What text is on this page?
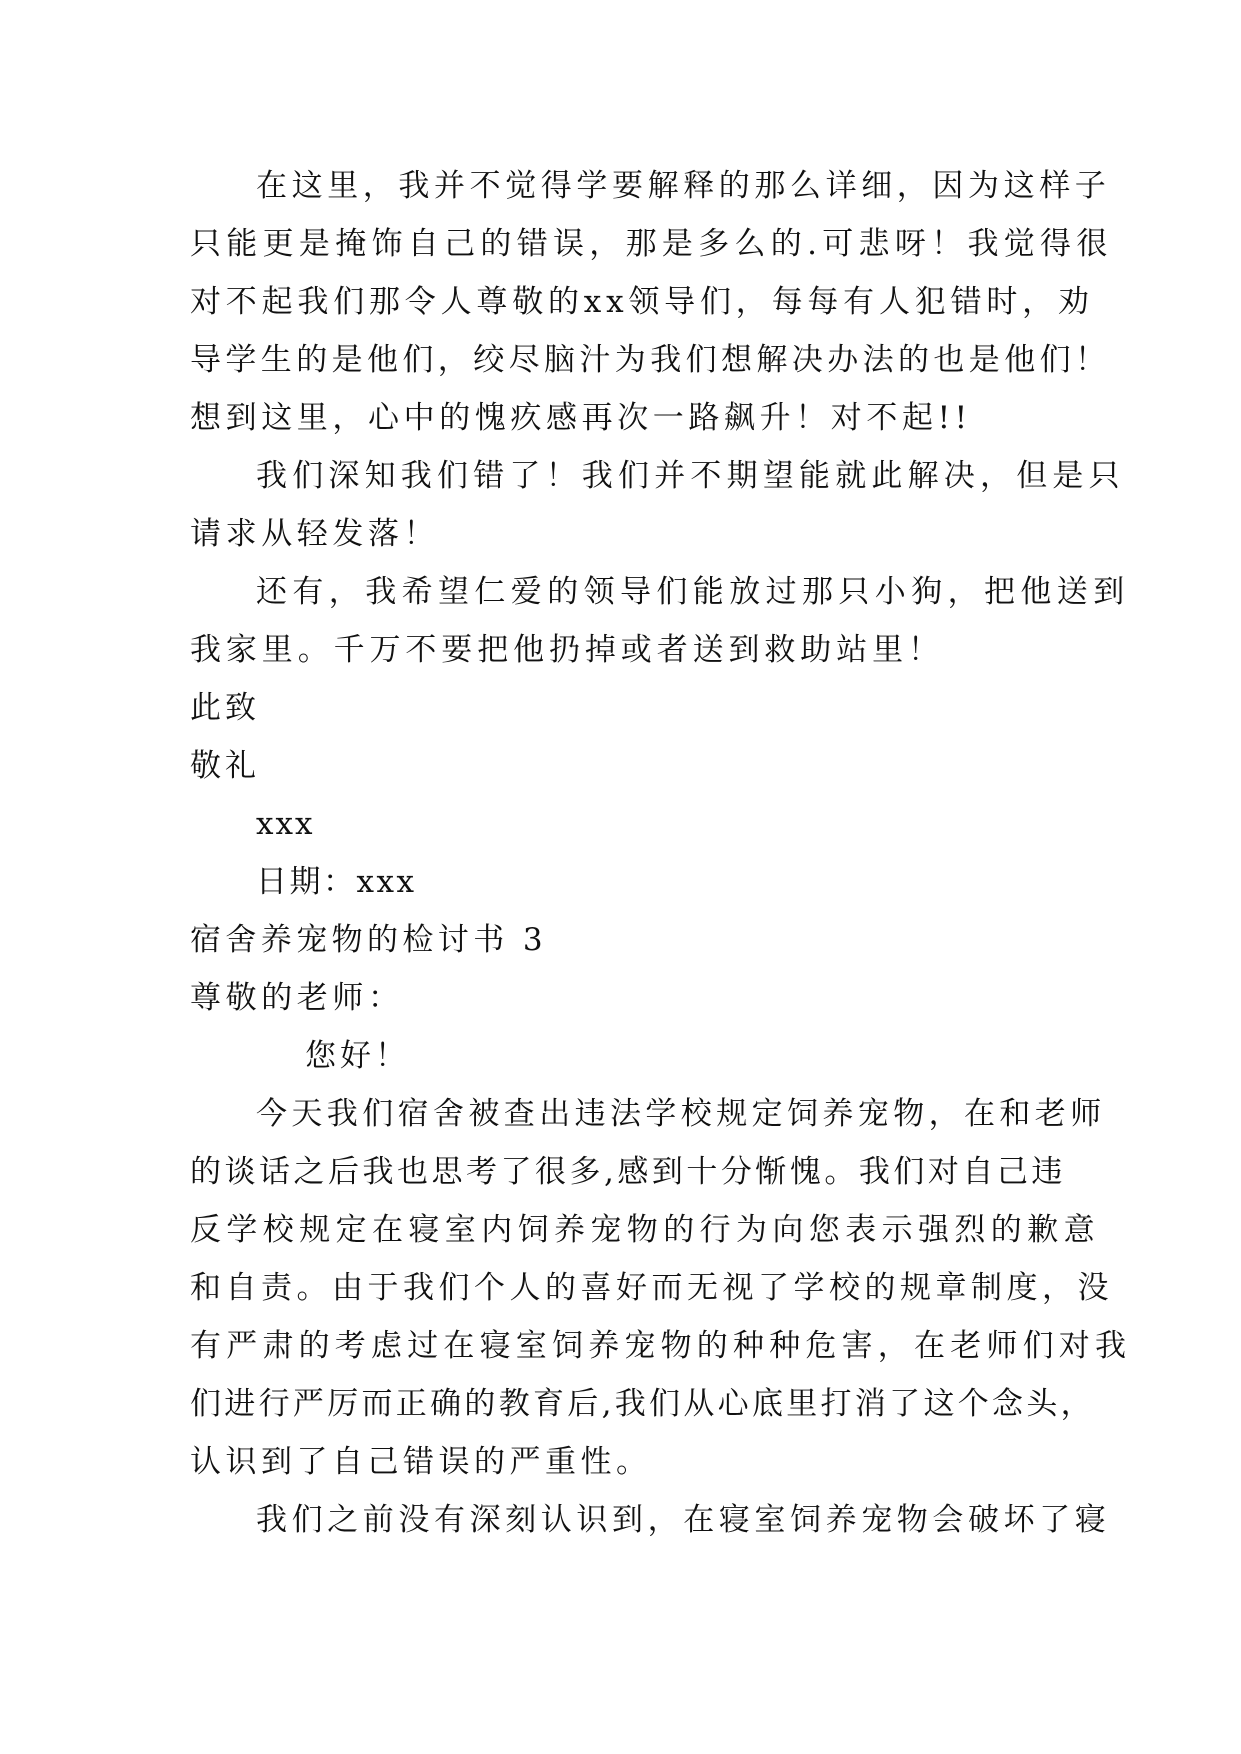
在这里，我并不觉得学要解释的那么详细，因为这样子
只能更是掩饰自己的错误，那是多么的.可悲呀！我觉得很
对不起我们那令人尊敬的xx领导们，每每有人犯错时，劝
导学生的是他们，绞尽脑汁为我们想解决办法的也是他们！
想到这里，心中的愧疚感再次一路飙升！对不起!!
我们深知我们错了！我们并不期望能就此解决，但是只
请求从轻发落！
还有，我希望仁爱的领导们能放过那只小狗，把他送到
我家里。千万不要把他扔掉或者送到救助站里！
此致
敬礼
xxx
日期：xxx
宿舍养宠物的检讨书 3
尊敬的老师：
您好！
今天我们宿舍被查出违法学校规定饲养宠物，在和老师
的谈话之后我也思考了很多,感到十分惭愧。我们对自己违
反学校规定在寝室内饲养宠物的行为向您表示强烈的歉意
和自责。由于我们个人的喜好而无视了学校的规章制度，没
有严肃的考虑过在寝室饲养宠物的种种危害，在老师们对我
们进行严厉而正确的教育后,我们从心底里打消了这个念头，
认识到了自己错误的严重性。
我们之前没有深刻认识到，在寝室饲养宠物会破坏了寝
